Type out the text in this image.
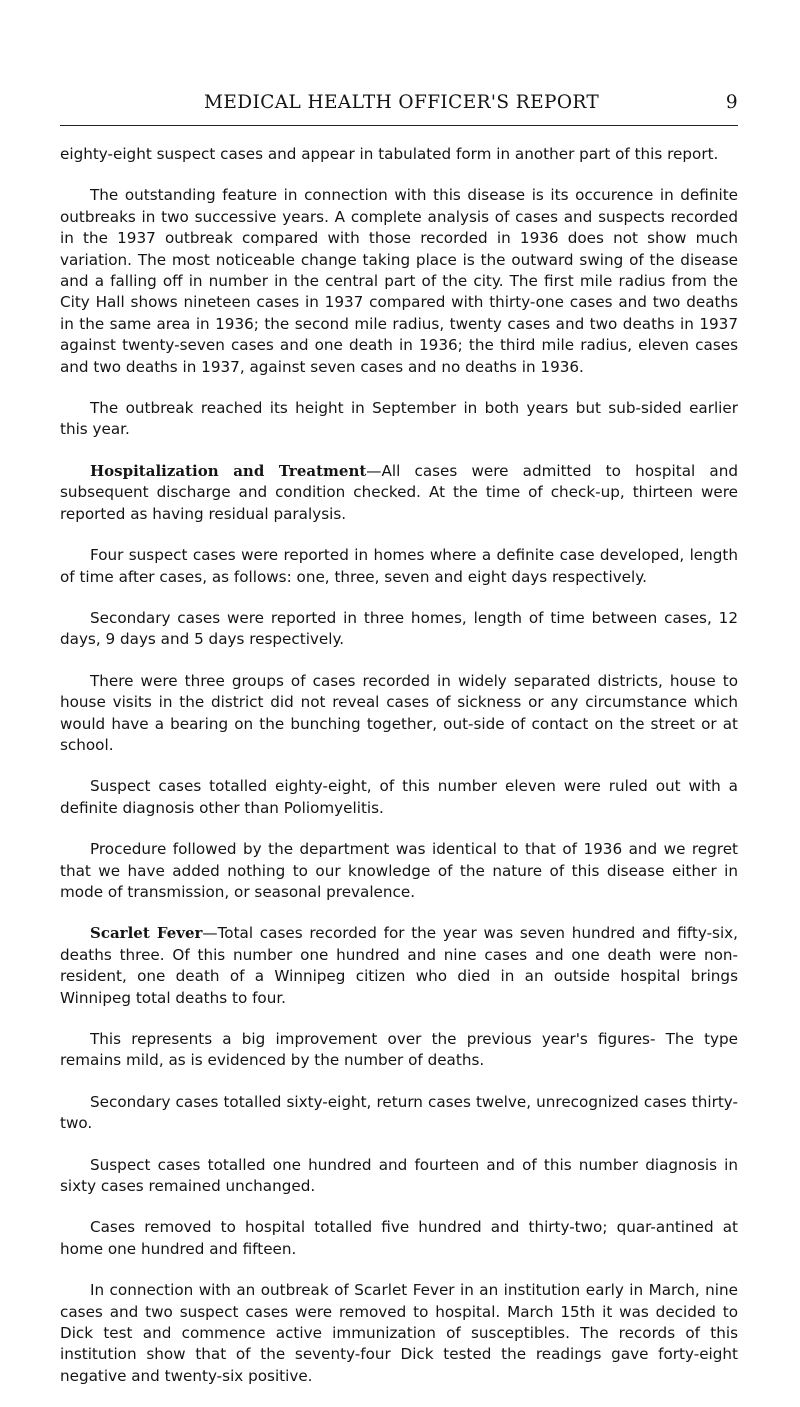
MEDICAL HEALTH OFFICER'S REPORT	9

eighty-eight suspect cases and appear in tabulated form in another part of this report.

The outstanding feature in connection with this disease is its occurence in definite outbreaks in two successive years. A complete analysis of cases and suspects recorded in the 1937 outbreak compared with those recorded in 1936 does not show much variation. The most noticeable change taking place is the outward swing of the disease and a falling off in number in the central part of the city. The first mile radius from the City Hall shows nineteen cases in 1937 compared with thirty-one cases and two deaths in the same area in 1936; the second mile radius, twenty cases and two deaths in 1937 against twenty-seven cases and one death in 1936; the third mile radius, eleven cases and two deaths in 1937, against seven cases and no deaths in 1936.

The outbreak reached its height in September in both years but sub-sided earlier this year.

Hospitalization and Treatment—All cases were admitted to hospital and subsequent discharge and condition checked. At the time of check-up, thirteen were reported as having residual paralysis.

Four suspect cases were reported in homes where a definite case developed, length of time after cases, as follows: one, three, seven and eight days respectively.

Secondary cases were reported in three homes, length of time between cases, 12 days, 9 days and 5 days respectively.

There were three groups of cases recorded in widely separated districts, house to house visits in the district did not reveal cases of sickness or any circumstance which would have a bearing on the bunching together, out-side of contact on the street or at school.

Suspect cases totalled eighty-eight, of this number eleven were ruled out with a definite diagnosis other than Poliomyelitis.

Procedure followed by the department was identical to that of 1936 and we regret that we have added nothing to our knowledge of the nature of this disease either in mode of transmission, or seasonal prevalence.

Scarlet Fever—Total cases recorded for the year was seven hundred and fifty-six, deaths three. Of this number one hundred and nine cases and one death were non-resident, one death of a Winnipeg citizen who died in an outside hospital brings Winnipeg total deaths to four.

This represents a big improvement over the previous year's figures- The type remains mild, as is evidenced by the number of deaths.

Secondary cases totalled sixty-eight, return cases twelve, unrecognized cases thirty-two.

Suspect cases totalled one hundred and fourteen and of this number diagnosis in sixty cases remained unchanged.

Cases removed to hospital totalled five hundred and thirty-two; quar-antined at home one hundred and fifteen.

In connection with an outbreak of Scarlet Fever in an institution early in March, nine cases and two suspect cases were removed to hospital. March 15th it was decided to Dick test and commence active immunization of susceptibles. The records of this institution show that of the seventy-four Dick tested the readings gave forty-eight negative and twenty-six positive.
